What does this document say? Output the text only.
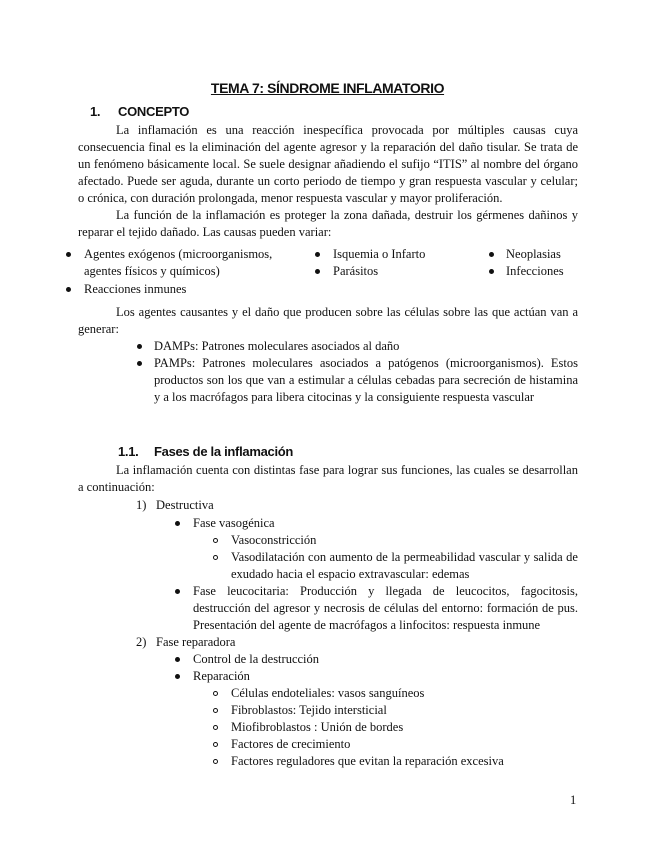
TEMA 7: SÍNDROME INFLAMATORIO
1. CONCEPTO

La inflamación es una reacción inespecífica provocada por múltiples causas cuya consecuencia final es la eliminación del agente agresor y la reparación del daño tisular. Se trata de un fenómeno básicamente local. Se suele designar añadiendo el sufijo “ITIS” al nombre del órgano afectado. Puede ser aguda, durante un corto periodo de tiempo y gran respuesta vascular y celular; o crónica, con duración prolongada, menor respuesta vascular y mayor proliferación.

La función de la inflamación es proteger la zona dañada, destruir los gérmenes dañinos y reparar el tejido dañado. Las causas pueden variar:

Agentes exógenos (microorganismos,
agentes físicos y químicos)
Isquemia o Infarto
Parásitos
Neoplasias
Infecciones
Reacciones inmunes

Los agentes causantes y el daño que producen sobre las células sobre las que actúan van a generar:

DAMPs: Patrones moleculares asociados al daño

PAMPs: Patrones moleculares asociados a patógenos (microorganismos). Estos productos son los que van a estimular a células cebadas para secreción de histamina y a los macrófagos para libera citocinas y la consiguiente respuesta vascular

1.1. Fases de la inflamación

La inflamación cuenta con distintas fase para lograr sus funciones, las cuales se desarrollan a continuación:

1) Destructiva
Fase vasogénica
Vasoconstricción

Vasodilatación con aumento de la permeabilidad vascular y salida de exudado hacia el espacio extravascular: edemas

Fase leucocitaria: Producción y llegada de leucocitos, fagocitosis, destrucción del agresor y necrosis de células del entorno: formación de pus. Presentación del agente de macrófagos a linfocitos: respuesta inmune

2) Fase reparadora
Control de la destrucción
Reparación
Células endoteliales: vasos sanguíneos
Fibroblastos: Tejido intersticial
Miofibroblastos : Unión de bordes
Factores de crecimiento
Factores reguladores que evitan la reparación excesiva
1
